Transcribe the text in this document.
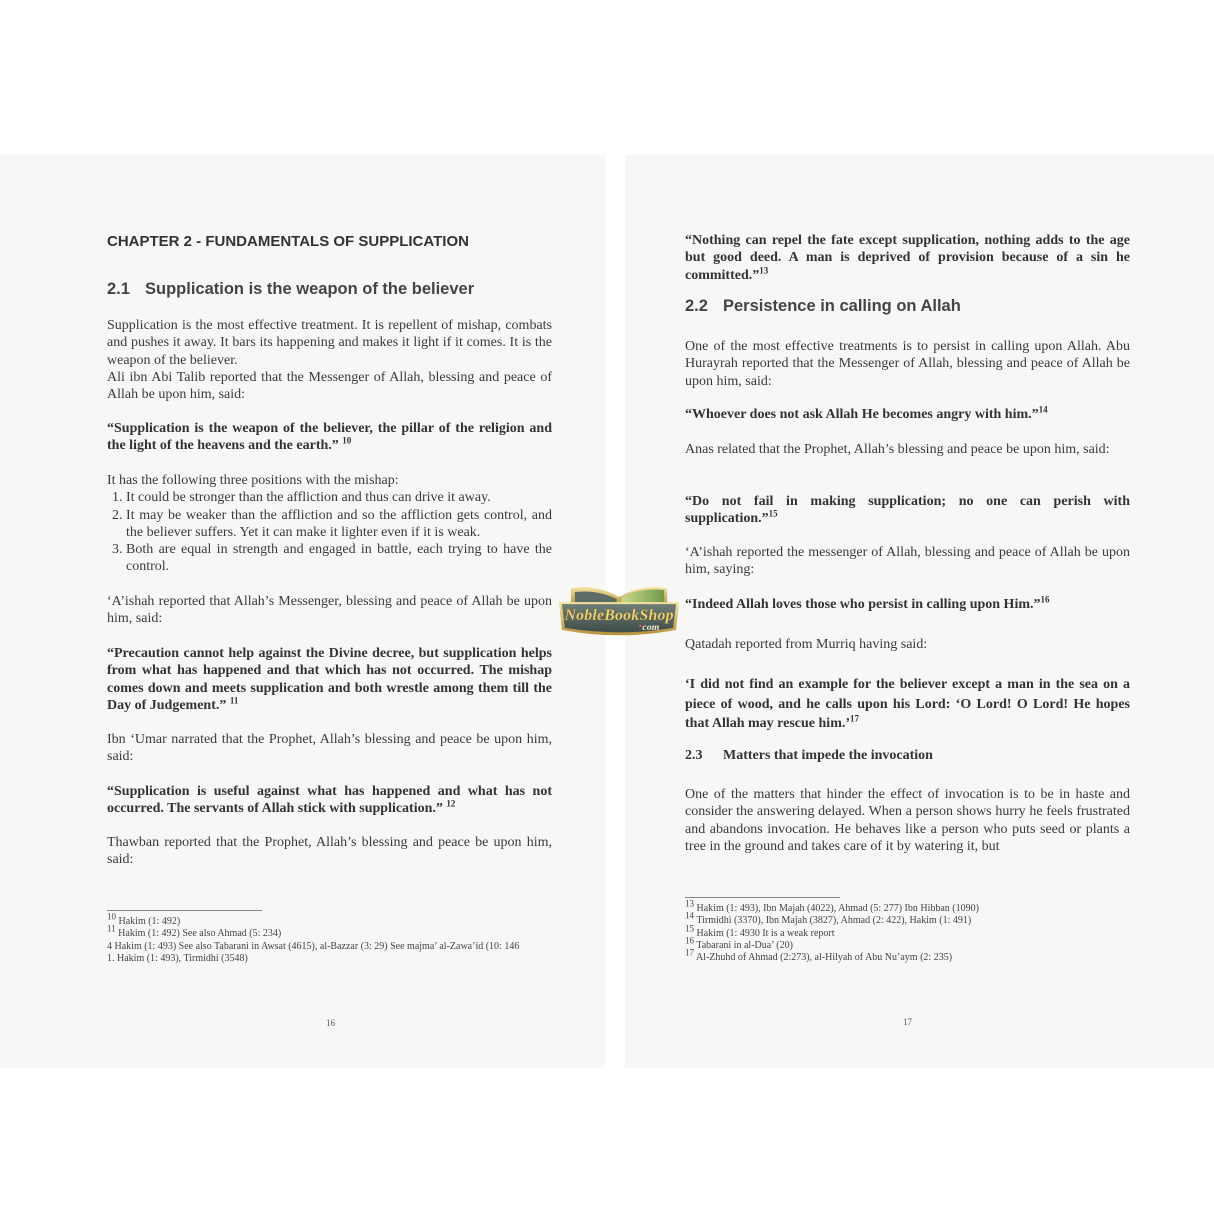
CHAPTER 2 - FUNDAMENTALS OF SUPPLICATION
2.1 Supplication is the weapon of the believer
Supplication is the most effective treatment. It is repellent of mishap, combats and pushes it away. It bars its happening and makes it light if it comes. It is the weapon of the believer.
Ali ibn Abi Talib reported that the Messenger of Allah, blessing and peace of Allah be upon him, said:

“Supplication is the weapon of the believer, the pillar of the religion and the light of the heavens and the earth.” $^{10}$

It has the following three positions with the mishap:
1. It could be stronger than the affliction and thus can drive it away.
2. It may be weaker than the affliction and so the affliction gets control, and the believer suffers. Yet it can make it lighter even if it is weak.
3. Both are equal in strength and engaged in battle, each trying to have the control.

‘A’ishah reported that Allah’s Messenger, blessing and peace of Allah be upon him, said:

“Precaution cannot help against the Divine decree, but supplication helps from what has happened and that which has not occurred. The mishap comes down and meets supplication and both wrestle among them till the Day of Judgement.” $^{11}$

Ibn ‘Umar narrated that the Prophet, Allah’s blessing and peace be upon him, said:

“Supplication is useful against what has happened and what has not occurred. The servants of Allah stick with supplication.” $^{12}$

Thawban reported that the Prophet, Allah’s blessing and peace be upon him, said:

$^{10}$ Hakim (1: 492)
$^{11}$ Hakim (1: 492) See also Ahmad (5: 234)
4 Hakim (1: 493) See also Tabarani in Awsat (4615), al-Bazzar (3: 29) See majma’ al-Zawa’id (10: 146
1. Hakim (1: 493), Tirmidhi (3548)
16

“Nothing can repel the fate except supplication, nothing adds to the age but good deed. A man is deprived of provision because of a sin he committed.”$^{13}$

2.2 Persistence in calling on Allah

One of the most effective treatments is to persist in calling upon Allah. Abu Hurayrah reported that the Messenger of Allah, blessing and peace of Allah be upon him, said:

“Whoever does not ask Allah He becomes angry with him.”$^{14}$

Anas related that the Prophet, Allah’s blessing and peace be upon him, said:

“Do not fail in making supplication; no one can perish with supplication.”$^{15}$

‘A’ishah reported the messenger of Allah, blessing and peace of Allah be upon him, saying:

“Indeed Allah loves those who persist in calling upon Him.”$^{16}$

Qatadah reported from Murriq having said:

‘I did not find an example for the believer except a man in the sea on a piece of wood, and he calls upon his Lord: ‘O Lord! O Lord! He hopes that Allah may rescue him.’$^{17}$

2.3 Matters that impede the invocation

One of the matters that hinder the effect of invocation is to be in haste and consider the answering delayed. When a person shows hurry he feels frustrated and abandons invocation. He behaves like a person who puts seed or plants a tree in the ground and takes care of it by watering it, but

$^{13}$ Hakim (1: 493), Ibn Majah (4022), Ahmad (5: 277) Ibn Hibban (1090)
$^{14}$ Tirmidhi (3370), Ibn Majah (3827), Ahmad (2: 422), Hakim (1: 491)
$^{15}$ Hakim (1: 4930 It is a weak report
$^{16}$ Tabarani in al-Dua’ (20)
$^{17}$ Al-Zhuhd of Ahmad (2:273), al-Hilyah of Abu Nu’aym (2: 235)
17
NobleBookShop
com
